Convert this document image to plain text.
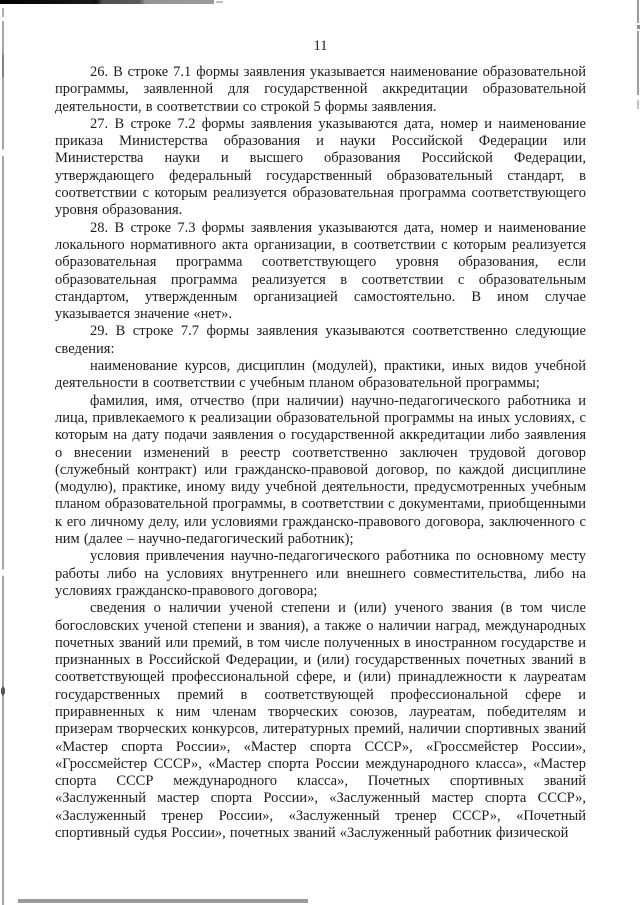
11

26. В строке 7.1 формы заявления указывается наименование образовательной программы, заявленной для государственной аккредитации образовательной деятельности, в соответствии со строкой 5 формы заявления.

27. В строке 7.2 формы заявления указываются дата, номер и наименование приказа Министерства образования и науки Российской Федерации или Министерства науки и высшего образования Российской Федерации, утверждающего федеральный государственный образовательный стандарт, в соответствии с которым реализуется образовательная программа соответствующего уровня образования.

28. В строке 7.3 формы заявления указываются дата, номер и наименование локального нормативного акта организации, в соответствии с которым реализуется образовательная программа соответствующего уровня образования, если образовательная программа реализуется в соответствии с образовательным стандартом, утвержденным организацией самостоятельно. В ином случае указывается значение «нет».

29. В строке 7.7 формы заявления указываются соответственно следующие сведения:

наименование курсов, дисциплин (модулей), практики, иных видов учебной деятельности в соответствии с учебным планом образовательной программы;

фамилия, имя, отчество (при наличии) научно-педагогического работника и лица, привлекаемого к реализации образовательной программы на иных условиях, с которым на дату подачи заявления о государственной аккредитации либо заявления о внесении изменений в реестр соответственно заключен трудовой договор (служебный контракт) или гражданско-правовой договор, по каждой дисциплине (модулю), практике, иному виду учебной деятельности, предусмотренных учебным планом образовательной программы, в соответствии с документами, приобщенными к его личному делу, или условиями гражданско-правового договора, заключенного с ним (далее – научно-педагогический работник);

условия привлечения научно-педагогического работника по основному месту работы либо на условиях внутреннего или внешнего совместительства, либо на условиях гражданско-правового договора;

сведения о наличии ученой степени и (или) ученого звания (в том числе богословских ученой степени и звания), а также о наличии наград, международных почетных званий или премий, в том числе полученных в иностранном государстве и признанных в Российской Федерации, и (или) государственных почетных званий в соответствующей профессиональной сфере, и (или) принадлежности к лауреатам государственных премий в соответствующей профессиональной сфере и приравненных к ним членам творческих союзов, лауреатам, победителям и призерам творческих конкурсов, литературных премий, наличии спортивных званий «Мастер спорта России», «Мастер спорта СССР», «Гроссмейстер России», «Гроссмейстер СССР», «Мастер спорта России международного класса», «Мастер спорта СССР международного класса», Почетных спортивных званий «Заслуженный мастер спорта России», «Заслуженный мастер спорта СССР», «Заслуженный тренер России», «Заслуженный тренер СССР», «Почетный спортивный судья России», почетных званий «Заслуженный работник физической
